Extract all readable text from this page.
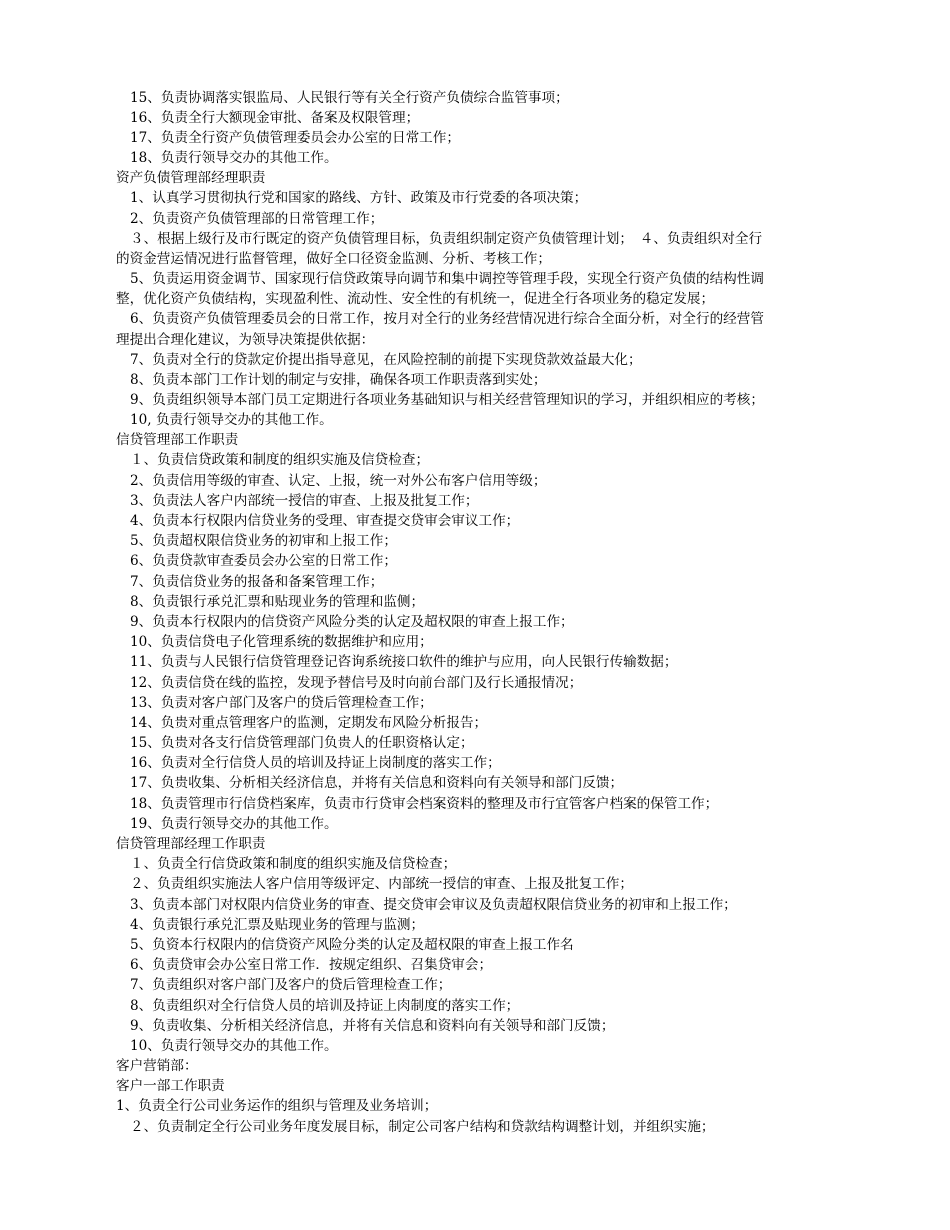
15、负责协调落实银监局、人民银行等有关全行资产负债综合监管事项；
16、负责全行大额现金审批、备案及权限管理；
17、负责全行资产负债管理委员会办公室的日常工作；
18、负责行领导交办的其他工作。
资产负债管理部经理职责
1、认真学习贯彻执行党和国家的路线、方针、政策及市行党委的各项决策；
2、负责资产负债管理部的日常管理工作；
３、根据上级行及市行既定的资产负债管理目标，负责组织制定资产负债管理计划；　４、负责组织对全行
的资金营运情况进行监督管理，做好全口径资金监测、分析、考核工作；
5、负责运用资金调节、国家现行信贷政策导向调节和集中调控等管理手段，实现全行资产负债的结构性调
整，优化资产负债结构，实现盈利性、流动性、安全性的有机统一，促进全行各项业务的稳定发展；
6、负责资产负债管理委员会的日常工作，按月对全行的业务经营情况进行综合全面分析，对全行的经营管
理提出合理化建议，为领导决策提供依据：
7、负责对全行的贷款定价提出指导意见，在风险控制的前提下实现贷款效益最大化；
8、负责本部门工作计划的制定与安排，确保各项工作职责落到实处；
9、负责组织领导本部门员工定期进行各项业务基础知识与相关经营管理知识的学习，并组织相应的考核；
10, 负责行领导交办的其他工作。
信贷管理部工作职责
１、负责信贷政策和制度的组织实施及信贷检查；
2、负责信用等级的审查、认定、上报，统一对外公布客户信用等级；
3、负责法人客户内部统一授信的审查、上报及批复工作；
4、负责本行权限内信贷业务的受理、审查提交贷审会审议工作；
5、负责超权限信贷业务的初审和上报工作；
6、负责贷款审查委员会办公室的日常工作；
7、负责信贷业务的报备和备案管理工作；
8、负责银行承兑汇票和贴现业务的管理和监侧；
9、负责本行权限内的信贷资产风险分类的认定及超权限的审查上报工作；
10、负责信贷电子化管理系统的数据维护和应用；
11、负责与人民银行信贷管理登记咨询系统接口软件的维护与应用，向人民银行传输数据；
12、负责信贷在线的监控，发现予替信号及时向前台部门及行长通报情况；
13、负责对客户部门及客户的贷后管理检查工作；
14、负贵对重点管理客户的监测，定期发布风险分析报告；
15、负贵对各支行信贷管理部门负贵人的任职资格认定；
16、负责对全行信贷人员的培训及持证上岗制度的落实工作；
17、负贵收集、分析相关经济信息，并将有关信息和资料向有关领导和部门反馈；
18、负责管理市行信贷档案库，负责市行贷审会档案资料的整理及市行宜管客户档案的保管工作；
19、负责行领导交办的其他工作。
信贷管理部经理工作职责
１、负责全行信贷政策和制度的组织实施及信贷检查；
２、负责组织实施法人客户信用等级评定、内部统一授信的审查、上报及批复工作；
3、负责本部门对权限内信贷业务的审查、提交贷审会审议及负责超权限信贷业务的初审和上报工作；
4、负责银行承兑汇票及贴现业务的管理与监测；
5、负资本行权限内的信贷资产风险分类的认定及超权限的审查上报工作名
6、负责贷审会办公室日常工作．按规定组织、召集贷审会；
7、负责组织对客户部门及客户的贷后管理检查工作；
8、负责组织对全行信贷人员的培训及持证上肉制度的落实工作；
9、负责收集、分析相关经济信息，并将有关信息和资料向有关领导和部门反馈；
10、负责行领导交办的其他工作。
客户营销部：
客户一部工作职责
1、负责全行公司业务运作的组织与管理及业务培训；
２、负责制定全行公司业务年度发展目标，制定公司客户结构和贷款结构调整计划，并组织实施；
